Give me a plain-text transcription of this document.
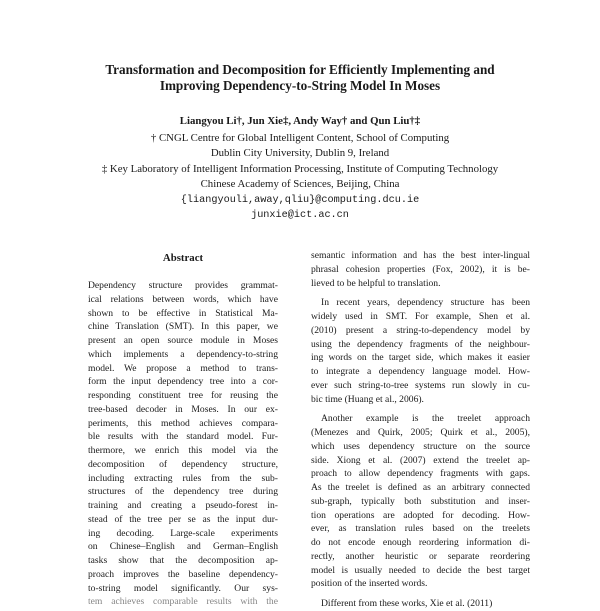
Transformation and Decomposition for Efficiently Implementing and
Improving Dependency-to-String Model In Moses
Liangyou Li†, Jun Xie‡, Andy Way† and Qun Liu†‡
† CNGL Centre for Global Intelligent Content, School of Computing
Dublin City University, Dublin 9, Ireland
‡ Key Laboratory of Intelligent Information Processing, Institute of Computing Technology
Chinese Academy of Sciences, Beijing, China
{liangyouli,away,qliu}@computing.dcu.ie
junxie@ict.ac.cn
Abstract
Dependency structure provides grammat-
ical relations between words, which have
shown to be effective in Statistical Ma-
chine Translation (SMT). In this paper, we
present an open source module in Moses
which implements a dependency-to-string
model. We propose a method to trans-
form the input dependency tree into a cor-
responding constituent tree for reusing the
tree-based decoder in Moses. In our ex-
periments, this method achieves compara-
ble results with the standard model. Fur-
thermore, we enrich this model via the
decomposition of dependency structure,
including extracting rules from the sub-
structures of the dependency tree during
training and creating a pseudo-forest in-
stead of the tree per se as the input dur-
ing decoding. Large-scale experiments
on Chinese–English and German–English
tasks show that the decomposition ap-
proach improves the baseline dependency-
to-string model significantly. Our sys-
tem achieves comparable results with the
semantic information and has the best inter-lingual
phrasal cohesion properties (Fox, 2002), it is be-
lieved to be helpful to translation.
In recent years, dependency structure has been
widely used in SMT. For example, Shen et al.
(2010) present a string-to-dependency model by
using the dependency fragments of the neighbour-
ing words on the target side, which makes it easier
to integrate a dependency language model. How-
ever such string-to-tree systems run slowly in cu-
bic time (Huang et al., 2006).
Another example is the treelet approach
(Menezes and Quirk, 2005; Quirk et al., 2005),
which uses dependency structure on the source
side. Xiong et al. (2007) extend the treelet ap-
proach to allow dependency fragments with gaps.
As the treelet is defined as an arbitrary connected
sub-graph, typically both substitution and inser-
tion operations are adopted for decoding. How-
ever, as translation rules based on the treelets
do not encode enough reordering information di-
rectly, another heuristic or separate reordering
model is usually needed to decide the best target
position of the inserted words.
Different from these works, Xie et al. (2011)
